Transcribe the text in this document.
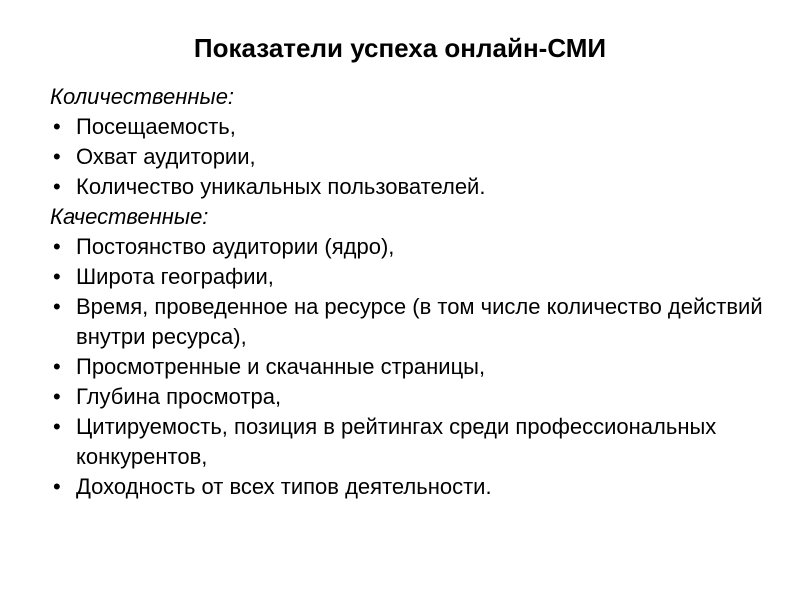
Показатели успеха онлайн-СМИ
Количественные:
• Посещаемость,
• Охват аудитории,
• Количество уникальных пользователей.
Качественные:
• Постоянство аудитории (ядро),
• Широта географии,
• Время, проведенное на ресурсе (в том числе количество действий внутри ресурса),
• Просмотренные и скачанные страницы,
• Глубина просмотра,
• Цитируемость, позиция в рейтингах среди профессиональных конкурентов,
• Доходность от всех типов деятельности.
